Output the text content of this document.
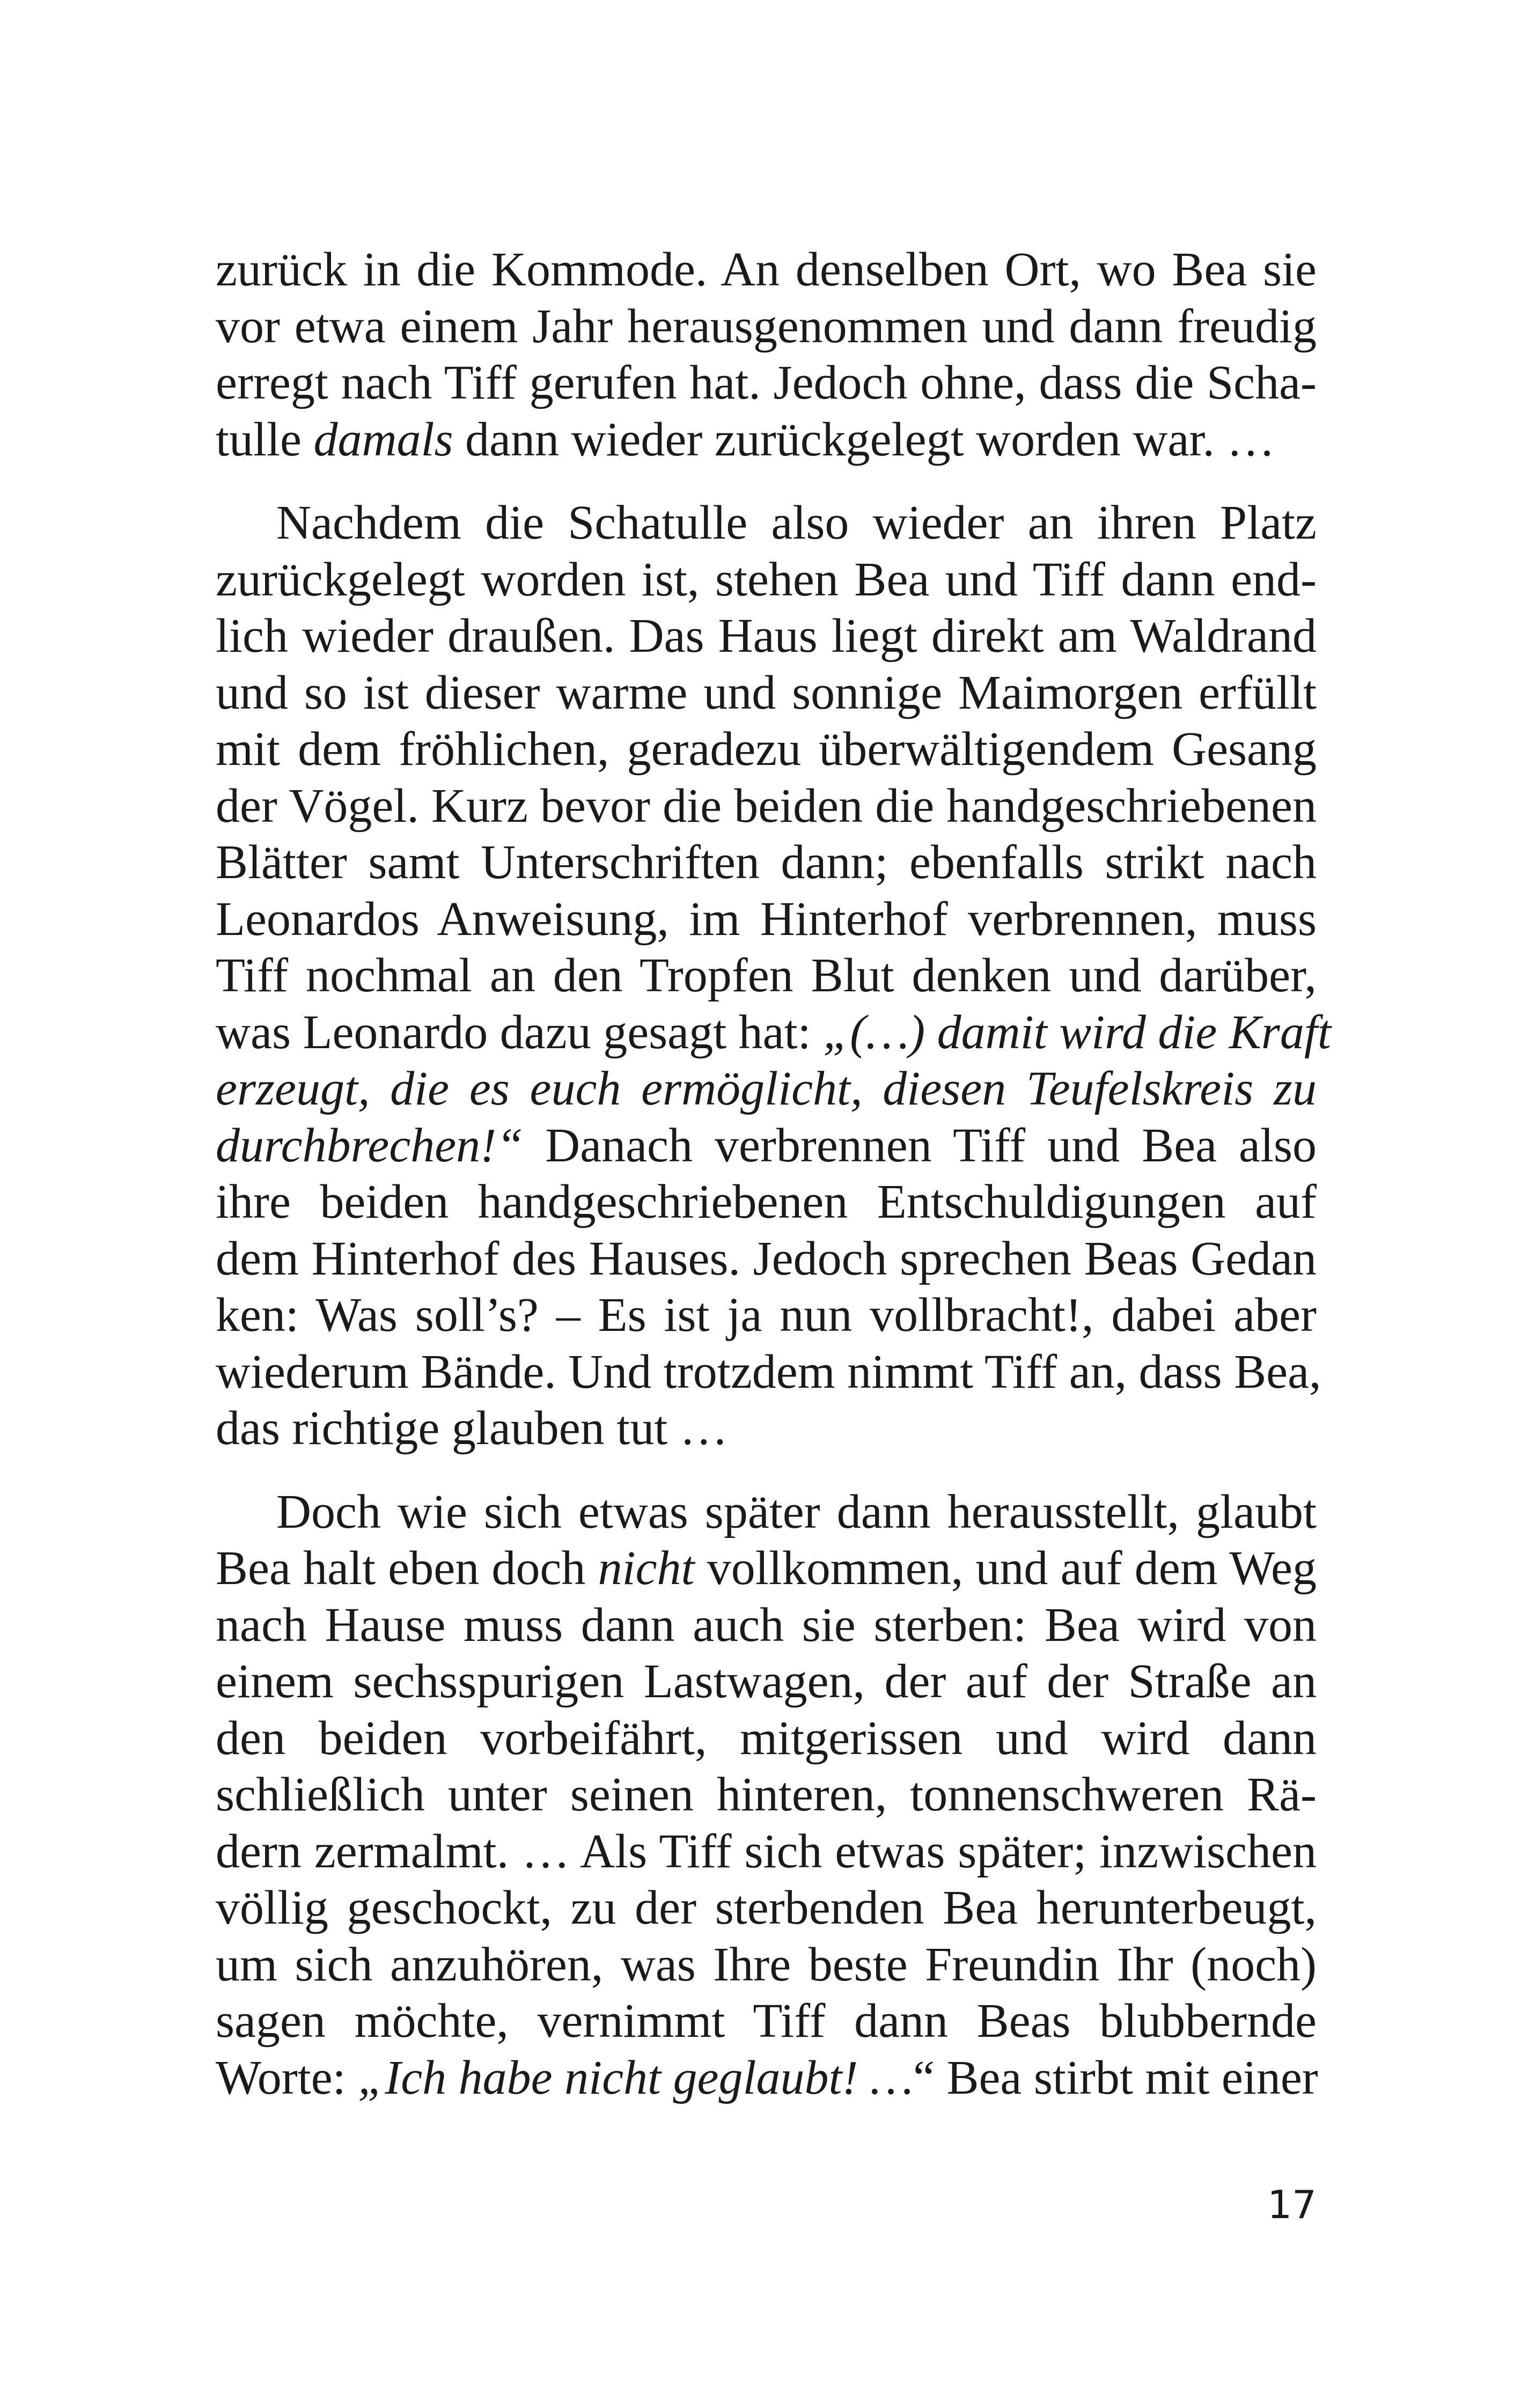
zurück in die Kommode. An denselben Ort, wo Bea sie
vor etwa einem Jahr herausgenommen und dann freudig
erregt nach Tiff gerufen hat. Jedoch ohne, dass die Scha-
tulle damals dann wieder zurückgelegt worden war. …
Nachdem die Schatulle also wieder an ihren Platz
zurückgelegt worden ist, stehen Bea und Tiff dann end-
lich wieder draußen. Das Haus liegt direkt am Waldrand
und so ist dieser warme und sonnige Maimorgen erfüllt
mit dem fröhlichen, geradezu überwältigendem Gesang
der Vögel. Kurz bevor die beiden die handgeschriebenen
Blätter samt Unterschriften dann; ebenfalls strikt nach
Leonardos Anweisung, im Hinterhof verbrennen, muss
Tiff nochmal an den Tropfen Blut denken und darüber,
was Leonardo dazu gesagt hat: „(…) damit wird die Kraft
erzeugt, die es euch ermöglicht, diesen Teufelskreis zu
durchbrechen!“ Danach verbrennen Tiff und Bea also
ihre beiden handgeschriebenen Entschuldigungen auf
dem Hinterhof des Hauses. Jedoch sprechen Beas Gedan
ken: Was soll’s? – Es ist ja nun vollbracht!, dabei aber
wiederum Bände. Und trotzdem nimmt Tiff an, dass Bea,
das richtige glauben tut …
Doch wie sich etwas später dann herausstellt, glaubt
Bea halt eben doch nicht vollkommen, und auf dem Weg
nach Hause muss dann auch sie sterben: Bea wird von
einem sechsspurigen Lastwagen, der auf der Straße an
den beiden vorbeifährt, mitgerissen und wird dann
schließlich unter seinen hinteren, tonnenschweren Rä-
dern zermalmt. … Als Tiff sich etwas später; inzwischen
völlig geschockt, zu der sterbenden Bea herunterbeugt,
um sich anzuhören, was Ihre beste Freundin Ihr (noch)
sagen möchte, vernimmt Tiff dann Beas blubbernde
Worte: „Ich habe nicht geglaubt! …“ Bea stirbt mit einer
17
